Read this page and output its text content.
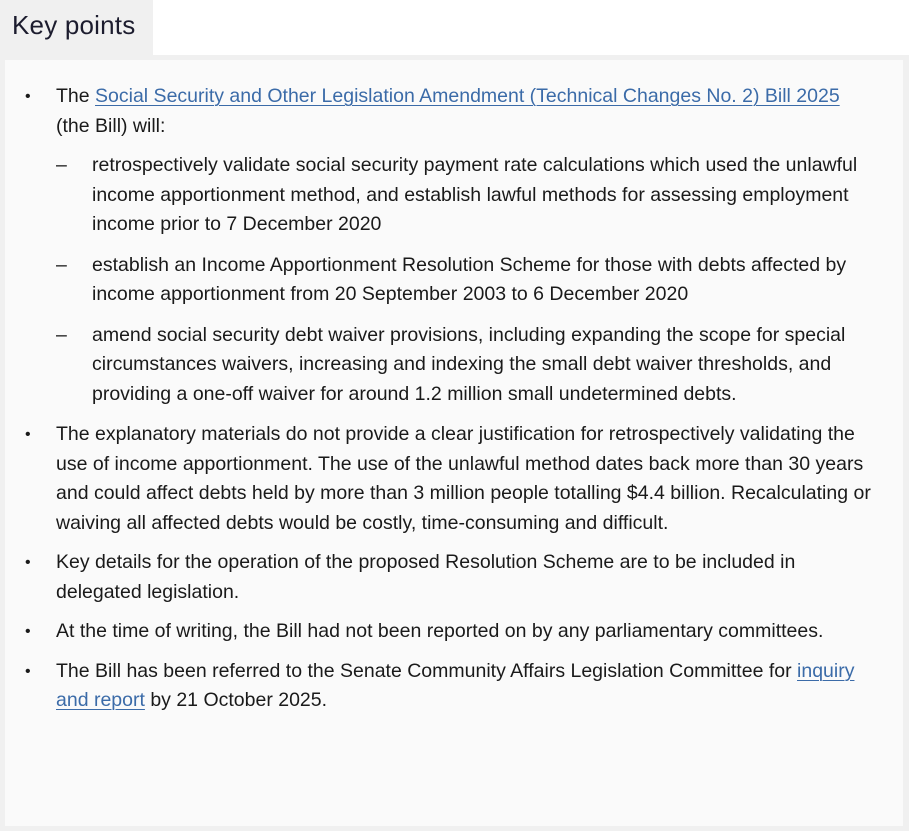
Key points
• The Social Security and Other Legislation Amendment (Technical Changes No. 2) Bill 2025 (the Bill) will:
– retrospectively validate social security payment rate calculations which used the unlawful income apportionment method, and establish lawful methods for assessing employment income prior to 7 December 2020
– establish an Income Apportionment Resolution Scheme for those with debts affected by income apportionment from 20 September 2003 to 6 December 2020
– amend social security debt waiver provisions, including expanding the scope for special circumstances waivers, increasing and indexing the small debt waiver thresholds, and providing a one-off waiver for around 1.2 million small undetermined debts.
• The explanatory materials do not provide a clear justification for retrospectively validating the use of income apportionment. The use of the unlawful method dates back more than 30 years and could affect debts held by more than 3 million people totalling $4.4 billion. Recalculating or waiving all affected debts would be costly, time-consuming and difficult.
• Key details for the operation of the proposed Resolution Scheme are to be included in delegated legislation.
• At the time of writing, the Bill had not been reported on by any parliamentary committees.
• The Bill has been referred to the Senate Community Affairs Legislation Committee for inquiry and report by 21 October 2025.
